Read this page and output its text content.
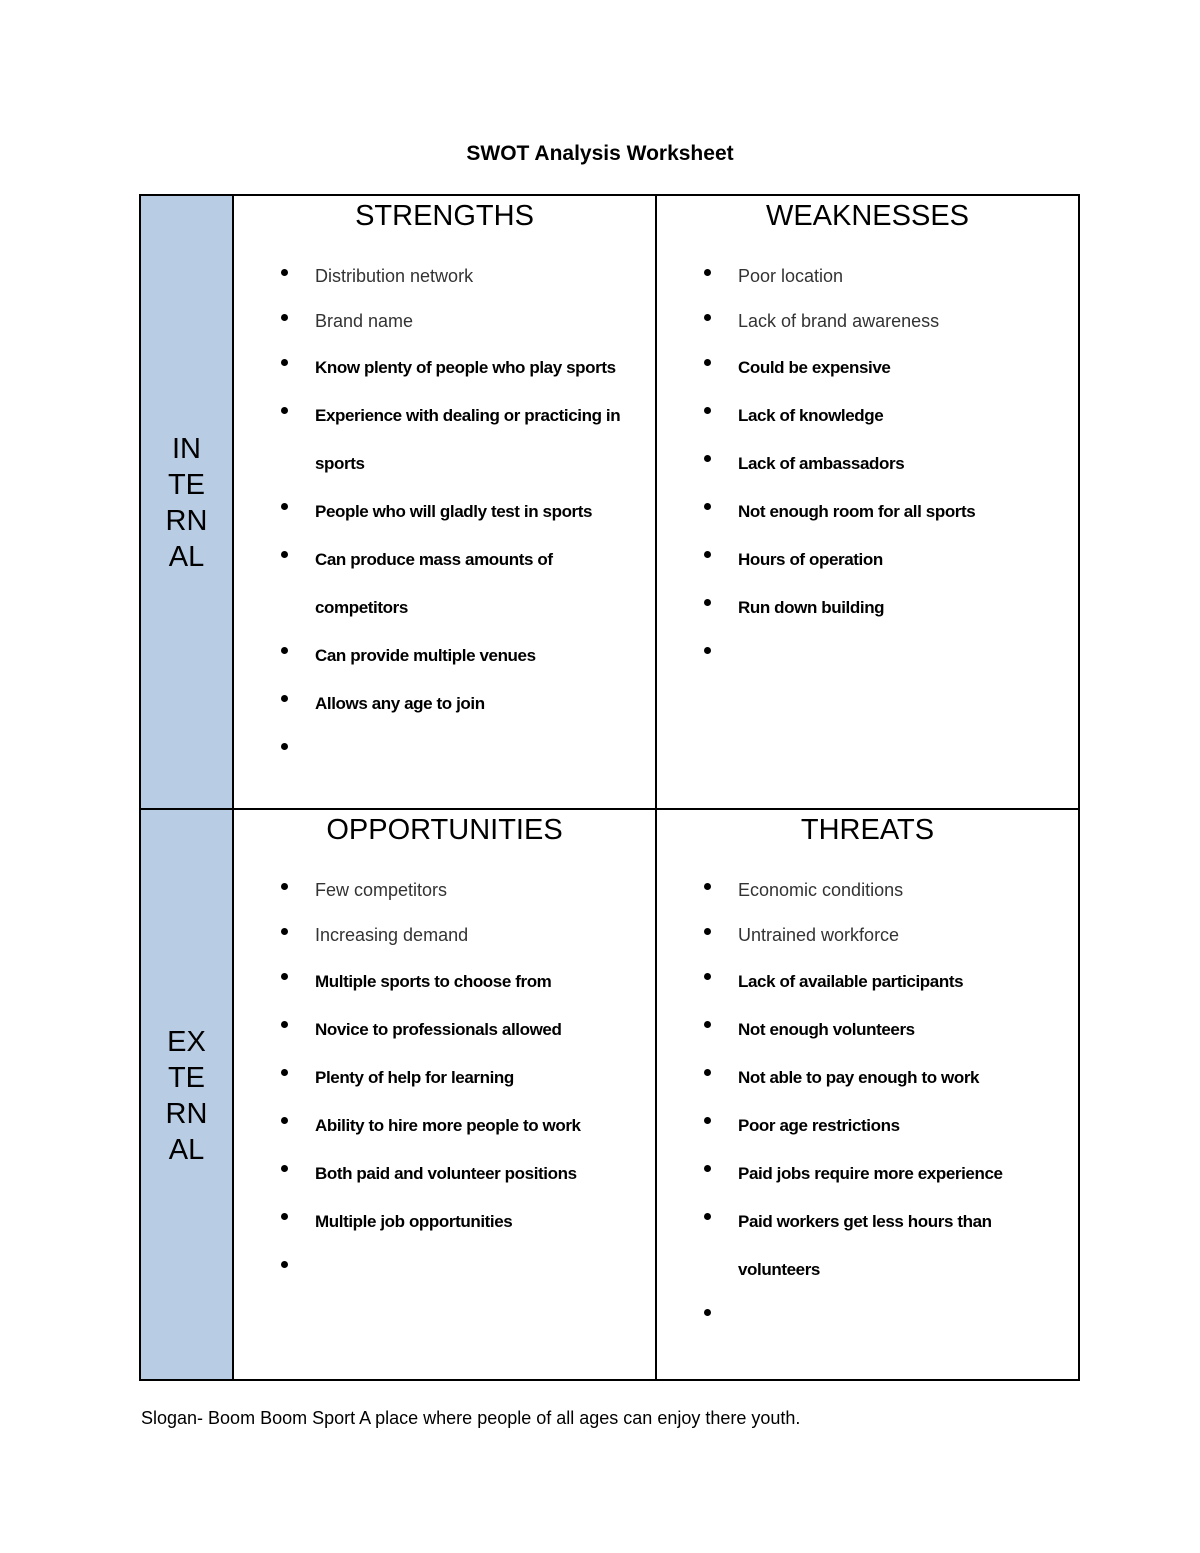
SWOT Analysis Worksheet
IN
TE
RN
AL
EX
TE
RN
AL
STRENGTHS
Distribution network
Brand name
Know plenty of people who play sports
Experience with dealing or practicing in sports
People who will gladly test in sports
Can produce mass amounts of competitors
Can provide multiple venues
Allows any age to join
WEAKNESSES
Poor location
Lack of brand awareness
Could be expensive
Lack of knowledge
Lack of ambassadors
Not enough room for all sports
Hours of operation
Run down building
OPPORTUNITIES
Few competitors
Increasing demand
Multiple sports to choose from
Novice to professionals allowed
Plenty of help for learning
Ability to hire more people to work
Both paid and volunteer positions
Multiple job opportunities
THREATS
Economic conditions
Untrained workforce
Lack of available participants
Not enough volunteers
Not able to pay enough to work
Poor age restrictions
Paid jobs require more experience
Paid workers get less hours than volunteers
Slogan- Boom Boom Sport A place where people of all ages can enjoy there youth.
